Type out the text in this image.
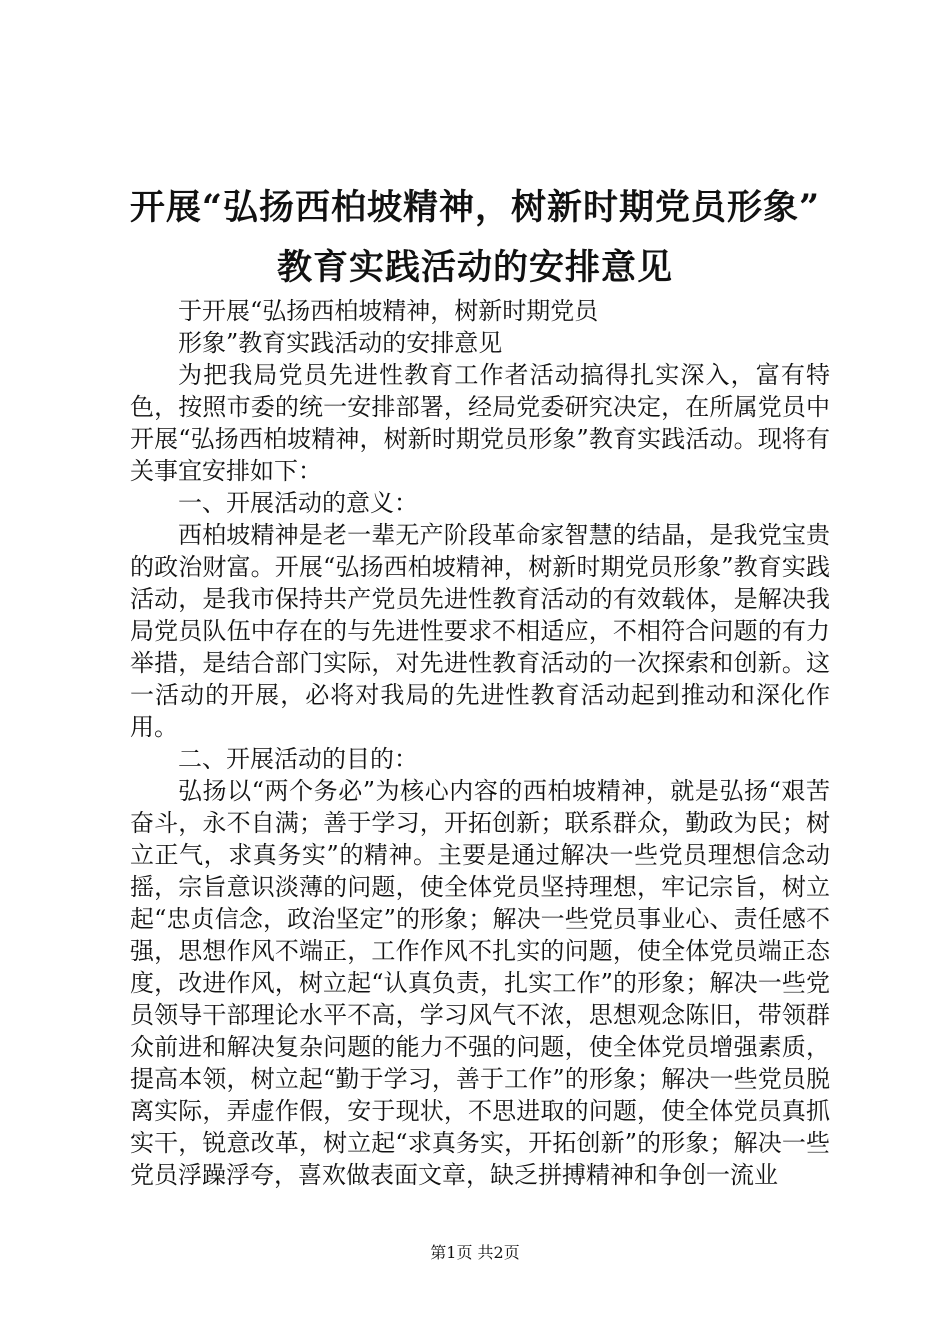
开展“弘扬西柏坡精神，树新时期党员形象”
教育实践活动的安排意见

于开展“弘扬西柏坡精神，树新时期党员

形象”教育实践活动的安排意见

为把我局党员先进性教育工作者活动搞得扎实深入，富有特色，按照市委的统一安排部署，经局党委研究决定，在所属党员中开展“弘扬西柏坡精神，树新时期党员形象”教育实践活动。现将有关事宜安排如下：

一、开展活动的意义：

西柏坡精神是老一辈无产阶段革命家智慧的结晶，是我党宝贵的政治财富。开展“弘扬西柏坡精神，树新时期党员形象”教育实践活动，是我市保持共产党员先进性教育活动的有效载体，是解决我局党员队伍中存在的与先进性要求不相适应，不相符合问题的有力举措，是结合部门实际，对先进性教育活动的一次探索和创新。这一活动的开展，必将对我局的先进性教育活动起到推动和深化作用。

二、开展活动的目的：

弘扬以“两个务必”为核心内容的西柏坡精神，就是弘扬“艰苦奋斗，永不自满；善于学习，开拓创新；联系群众，勤政为民；树立正气，求真务实”的精神。主要是通过解决一些党员理想信念动摇，宗旨意识淡薄的问题，使全体党员坚持理想，牢记宗旨，树立起“忠贞信念，政治坚定”的形象；解决一些党员事业心、责任感不强，思想作风不端正，工作作风不扎实的问题，使全体党员端正态度，改进作风，树立起“认真负责，扎实工作”的形象；解决一些党员领导干部理论水平不高，学习风气不浓，思想观念陈旧，带领群众前进和解决复杂问题的能力不强的问题，使全体党员增强素质，提高本领，树立起“勤于学习，善于工作”的形象；解决一些党员脱离实际，弄虚作假，安于现状，不思进取的问题，使全体党员真抓实干，锐意改革，树立起“求真务实，开拓创新”的形象；解决一些党员浮躁浮夸，喜欢做表面文章，缺乏拼搏精神和争创一流业

第1页 共2页
